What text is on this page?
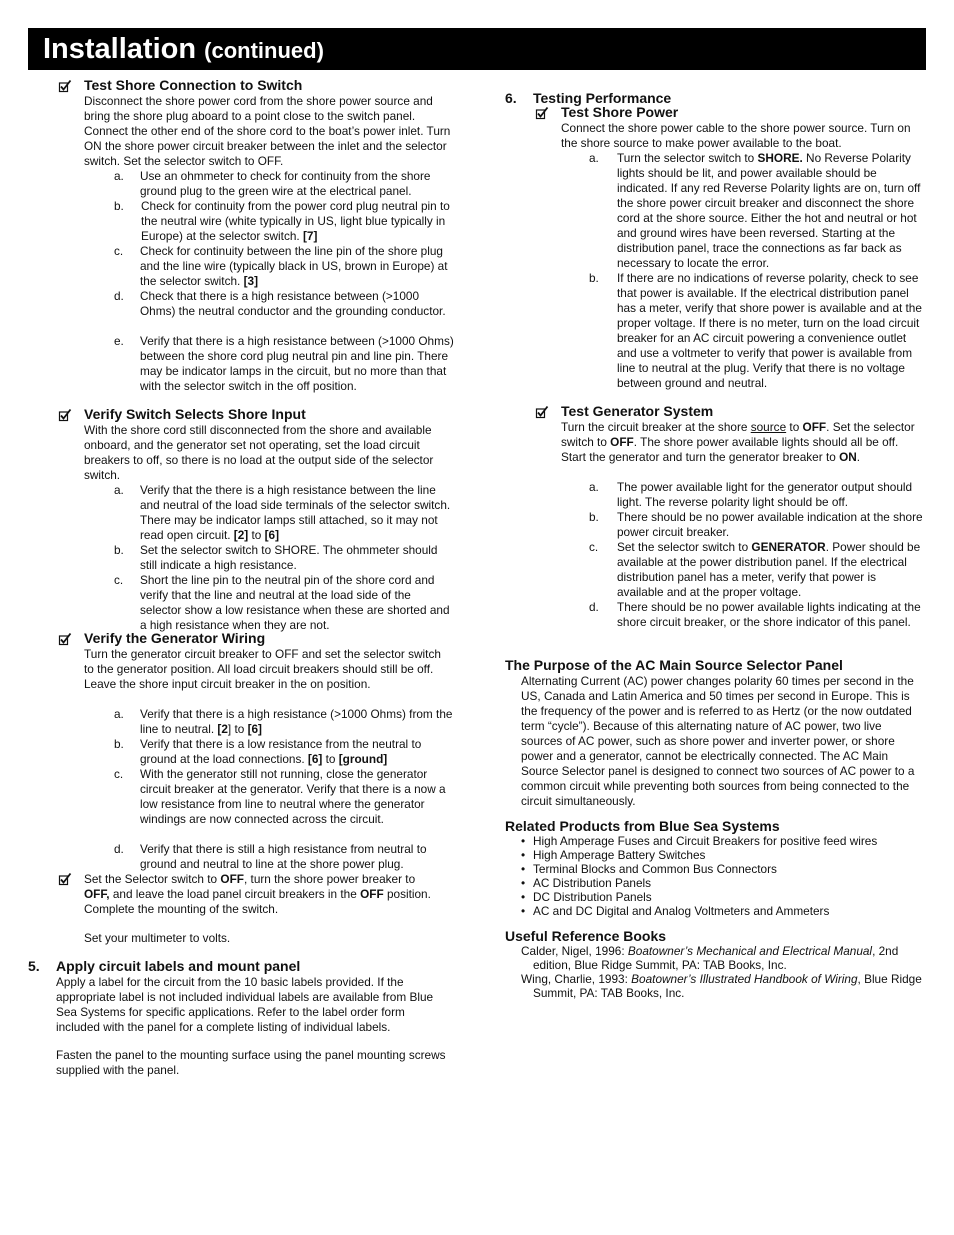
Installation (continued)
Test Shore Connection to Switch
Disconnect the shore power cord from the shore power source and bring the shore plug aboard to a point close to the switch panel. Connect the other end of the shore cord to the boat’s power inlet. Turn ON the shore power circuit breaker between the inlet and the selector switch. Set the selector switch to OFF.
a. Use an ohmmeter to check for continuity from the shore ground plug to the green wire at the electrical panel.
b. Check for continuity from the power cord plug neutral pin to the neutral wire (white typically in US, light blue typically in Europe) at the selector switch. [7]
c. Check for continuity between the line pin of the shore plug and the line wire (typically black in US, brown in Europe) at the selector switch. [3]
d. Check that there is a high resistance between (>1000 Ohms) the neutral conductor and the grounding conductor.
e. Verify that there is a high resistance between (>1000 Ohms) between the shore cord plug neutral pin and line pin. There may be indicator lamps in the circuit, but no more than that with the selector switch in the off position.
Verify Switch Selects Shore Input
With the shore cord still disconnected from the shore and available onboard, and the generator set not operating, set the load circuit breakers to off, so there is no load at the output side of the selector switch.
a. Verify that the there is a high resistance between the line and neutral of the load side terminals of the selector switch. There may be indicator lamps still attached, so it may not read open circuit. [2] to [6]
b. Set the selector switch to SHORE. The ohmmeter should still indicate a high resistance.
c. Short the line pin to the neutral pin of the shore cord and verify that the line and neutral at the load side of the selector show a low resistance when these are shorted and a high resistance when they are not.
Verify the Generator Wiring
Turn the generator circuit breaker to OFF and set the selector switch to the generator position. All load circuit breakers should still be off. Leave the shore input circuit breaker in the on position.
a. Verify that there is a high resistance (>1000 Ohms) from the line to neutral. [2] to [6]
b. Verify that there is a low resistance from the neutral to ground at the load connections. [6] to [ground]
c. With the generator still not running, close the generator circuit breaker at the generator. Verify that there is a now a low resistance from line to neutral where the generator windings are now connected across the circuit.
d. Verify that there is still a high resistance from neutral to ground and neutral to line at the shore power plug.
Set the Selector switch to OFF, turn the shore power breaker to OFF, and leave the load panel circuit breakers in the OFF position. Complete the mounting of the switch.
Set your multimeter to volts.
5. Apply circuit labels and mount panel
Apply a label for the circuit from the 10 basic labels provided. If the appropriate label is not included individual labels are available from Blue Sea Systems for specific applications. Refer to the label order form included with the panel for a complete listing of individual labels.
Fasten the panel to the mounting surface using the panel mounting screws supplied with the panel.
6. Testing Performance
Test Shore Power
Connect the shore power cable to the shore power source. Turn on the shore source to make power available to the boat.
a. Turn the selector switch to SHORE. No Reverse Polarity lights should be lit, and power available should be indicated. If any red Reverse Polarity lights are on, turn off the shore power circuit breaker and disconnect the shore cord at the shore source. Either the hot and neutral or hot and ground wires have been reversed. Starting at the distribution panel, trace the connections as far back as necessary to locate the error.
b. If there are no indications of reverse polarity, check to see that power is available. If the electrical distribution panel has a meter, verify that shore power is available and at the proper voltage. If there is no meter, turn on the load circuit breaker for an AC circuit powering a convenience outlet and use a voltmeter to verify that power is available from line to neutral at the plug. Verify that there is no voltage between ground and neutral.
Test Generator System
Turn the circuit breaker at the shore source to OFF. Set the selector switch to OFF. The shore power available lights should all be off. Start the generator and turn the generator breaker to ON.
a. The power available light for the generator output should light. The reverse polarity light should be off.
b. There should be no power available indication at the shore power circuit breaker.
c. Set the selector switch to GENERATOR. Power should be available at the power distribution panel. If the electrical distribution panel has a meter, verify that power is available and at the proper voltage.
d. There should be no power available lights indicating at the shore circuit breaker, or the shore indicator of this panel.
The Purpose of the AC Main Source Selector Panel
Alternating Current (AC) power changes polarity 60 times per second in the US, Canada and Latin America and 50 times per second in Europe. This is the frequency of the power and is referred to as Hertz (or the now outdated term “cycle”). Because of this alternating nature of AC power, two live sources of AC power, such as shore power and inverter power, or shore power and a generator, cannot be electrically connected. The AC Main Source Selector panel is designed to connect two sources of AC power to a common circuit while preventing both sources from being connected to the circuit simultaneously.
Related Products from Blue Sea Systems
• High Amperage Fuses and Circuit Breakers for positive feed wires
• High Amperage Battery Switches
• Terminal Blocks and Common Bus Connectors
• AC Distribution Panels
• DC Distribution Panels
• AC and DC Digital and Analog Voltmeters and Ammeters
Useful Reference Books
Calder, Nigel, 1996: Boatowner’s Mechanical and Electrical Manual, 2nd edition, Blue Ridge Summit, PA: TAB Books, Inc.
Wing, Charlie, 1993: Boatowner’s Illustrated Handbook of Wiring, Blue Ridge Summit, PA: TAB Books, Inc.
